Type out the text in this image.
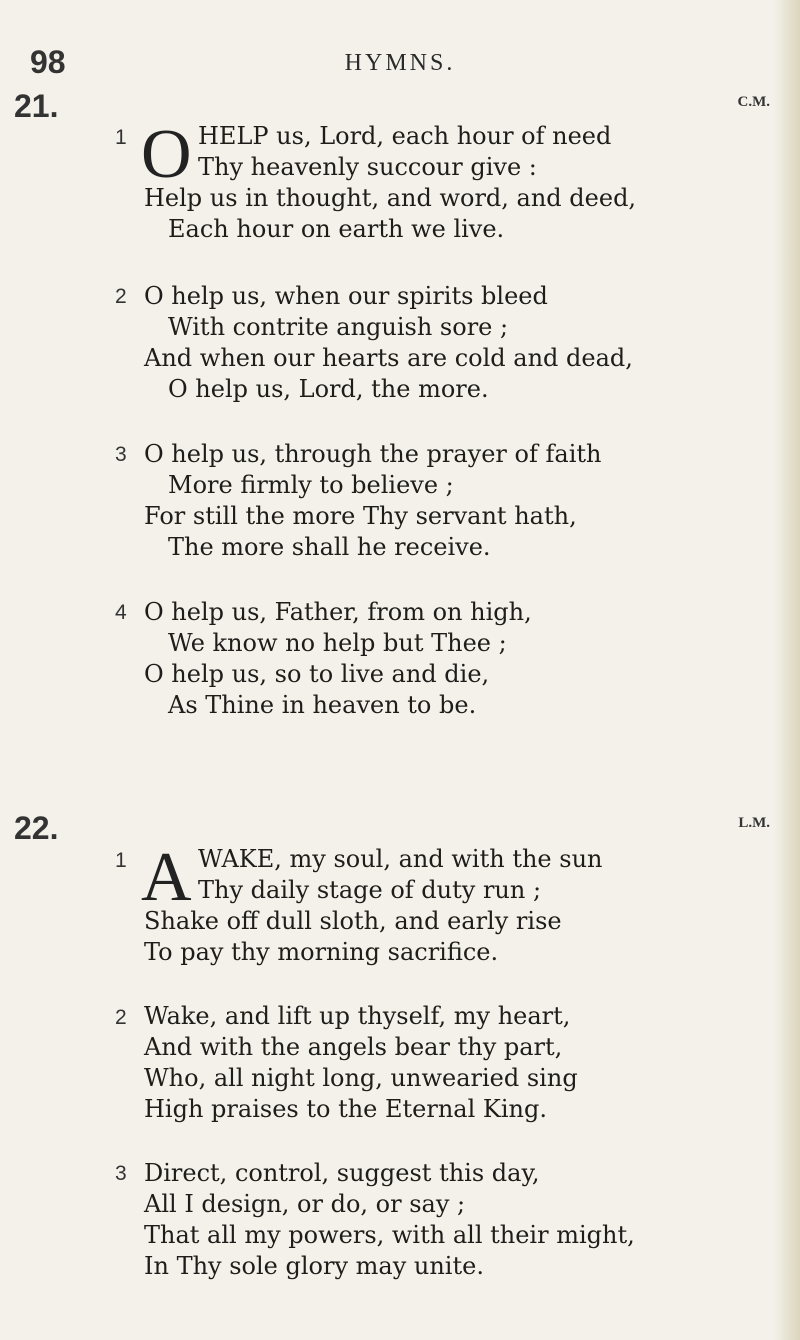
98	HYMNS.
21.	C.M.
1 O HELP us, Lord, each hour of need
Thy heavenly succour give :
Help us in thought, and word, and deed,
Each hour on earth we live.
2 O help us, when our spirits bleed
With contrite anguish sore ;
And when our hearts are cold and dead,
O help us, Lord, the more.
3 O help us, through the prayer of faith
More firmly to believe ;
For still the more Thy servant hath,
The more shall he receive.
4 O help us, Father, from on high,
We know no help but Thee ;
O help us, so to live and die,
As Thine in heaven to be.
22.	L.M.
1 A WAKE, my soul, and with the sun
Thy daily stage of duty run ;
Shake off dull sloth, and early rise
To pay thy morning sacrifice.
2 Wake, and lift up thyself, my heart,
And with the angels bear thy part,
Who, all night long, unwearied sing
High praises to the Eternal King.
3 Direct, control, suggest this day,
All I design, or do, or say ;
That all my powers, with all their might,
In Thy sole glory may unite.
